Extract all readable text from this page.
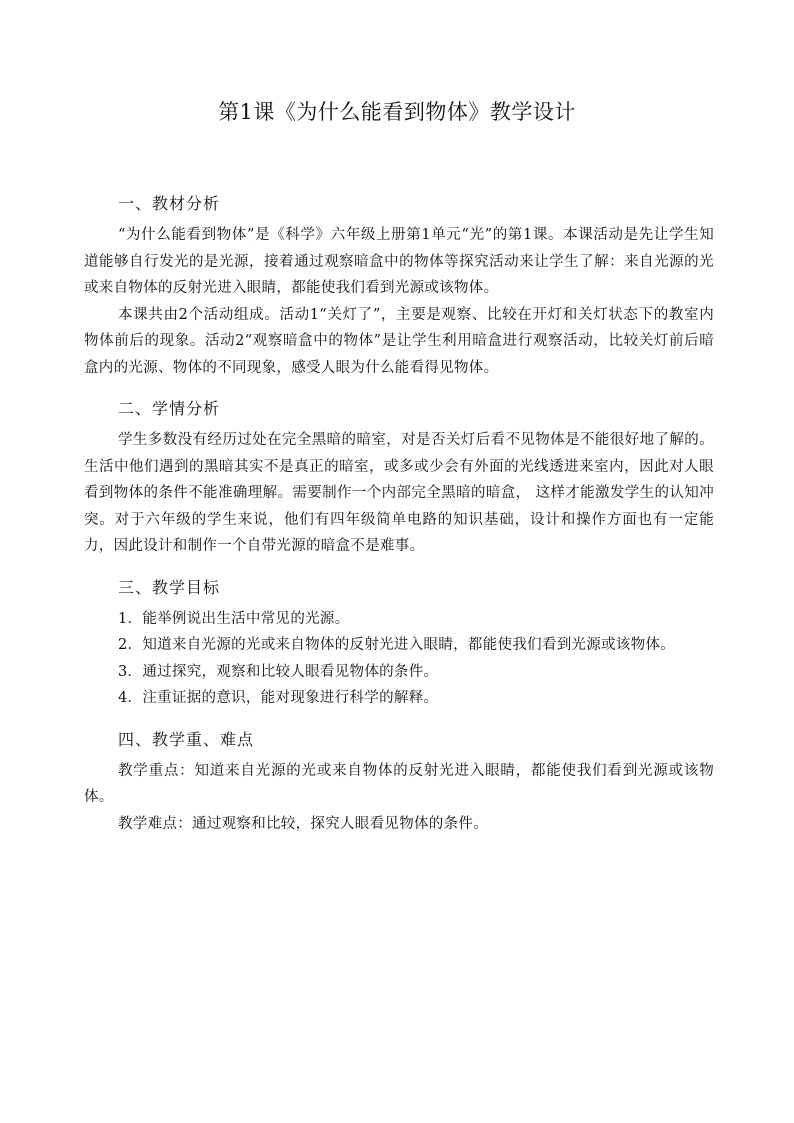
第1课《为什么能看到物体》教学设计
一、教材分析

“为什么能看到物体”是《科学》六年级上册第1单元“光”的第1课。本课活动是先让学生知道能够自行发光的是光源，接着通过观察暗盒中的物体等探究活动来让学生了解：来自光源的光或来自物体的反射光进入眼睛，都能使我们看到光源或该物体。

本课共由2个活动组成。活动1“关灯了”，主要是观察、比较在开灯和关灯状态下的教室内物体前后的现象。活动2“观察暗盒中的物体”是让学生利用暗盒进行观察活动，比较关灯前后暗盒内的光源、物体的不同现象，感受人眼为什么能看得见物体。

二、学情分析

学生多数没有经历过处在完全黑暗的暗室，对是否关灯后看不见物体是不能很好地了解的。生活中他们遇到的黑暗其实不是真正的暗室，或多或少会有外面的光线透进来室内，因此对人眼看到物体的条件不能准确理解。需要制作一个内部完全黑暗的暗盒， 这样才能激发学生的认知冲突。对于六年级的学生来说，他们有四年级简单电路的知识基础，设计和操作方面也有一定能力，因此设计和制作一个自带光源的暗盒不是难事。

三、教学目标

1．能举例说出生活中常见的光源。

2．知道来自光源的光或来自物体的反射光进入眼睛，都能使我们看到光源或该物体。

3．通过探究，观察和比较人眼看见物体的条件。

4．注重证据的意识，能对现象进行科学的解释。

四、教学重、难点

教学重点：知道来自光源的光或来自物体的反射光进入眼睛，都能使我们看到光源或该物体。

教学难点：通过观察和比较，探究人眼看见物体的条件。
